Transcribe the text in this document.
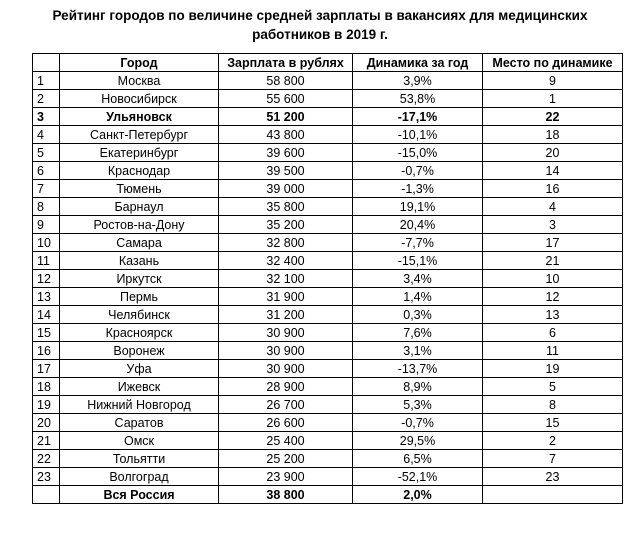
Рейтинг городов по величине средней зарплаты в вакансиях для медицинских
работников в 2019 г.
	Город	Зарплата в рублях	Динамика за год	Место по динамике
1	Москва	58 800	3,9%	9
2	Новосибирск	55 600	53,8%	1
3	Ульяновск	51 200	-17,1%	22
4	Санкт-Петербург	43 800	-10,1%	18
5	Екатеринбург	39 600	-15,0%	20
6	Краснодар	39 500	-0,7%	14
7	Тюмень	39 000	-1,3%	16
8	Барнаул	35 800	19,1%	4
9	Ростов-на-Дону	35 200	20,4%	3
10	Самара	32 800	-7,7%	17
11	Казань	32 400	-15,1%	21
12	Иркутск	32 100	3,4%	10
13	Пермь	31 900	1,4%	12
14	Челябинск	31 200	0,3%	13
15	Красноярск	30 900	7,6%	6
16	Воронеж	30 900	3,1%	11
17	Уфа	30 900	-13,7%	19
18	Ижевск	28 900	8,9%	5
19	Нижний Новгород	26 700	5,3%	8
20	Саратов	26 600	-0,7%	15
21	Омск	25 400	29,5%	2
22	Тольятти	25 200	6,5%	7
23	Волгоград	23 900	-52,1%	23
	Вся Россия	38 800	2,0%	
